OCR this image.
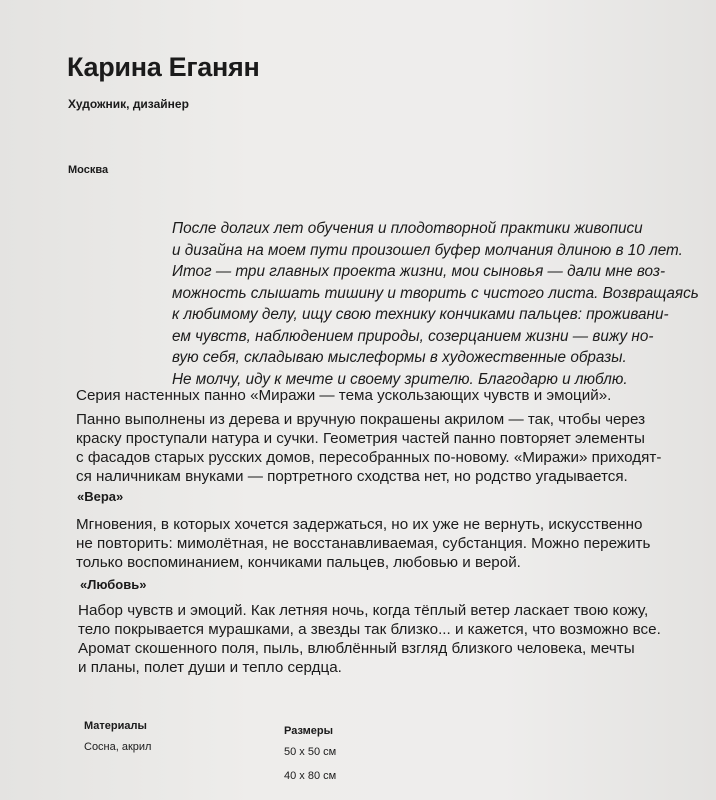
Карина Еганян
Художник, дизайнер
Москва
После долгих лет обучения и плодотворной практики живописи
и дизайна на моем пути произошел буфер молчания длиною в 10 лет.
Итог — три главных проекта жизни, мои сыновья — дали мне воз-
можность слышать тишину и творить с чистого листа. Возвращаясь
к любимому делу, ищу свою технику кончиками пальцев: проживани-
ем чувств, наблюдением природы, созерцанием жизни — вижу но-
вую себя, складываю мыслеформы в художественные образы.
Не молчу, иду к мечте и своему зрителю. Благодарю и люблю.
Серия настенных панно «Миражи — тема ускользающих чувств и эмоций».
Панно выполнены из дерева и вручную покрашены акрилом — так, чтобы через
краску проступали натура и сучки. Геометрия частей панно повторяет элементы
с фасадов старых русских домов, пересобранных по-новому. «Миражи» приходят-
ся наличникам внуками — портретного сходства нет, но родство угадывается.
«Вера»
Мгновения, в которых хочется задержаться, но их уже не вернуть, искусственно
не повторить: мимолётная, не восстанавливаемая, субстанция. Можно пережить
только воспоминанием, кончиками пальцев, любовью и верой.
«Любовь»
Набор чувств и эмоций. Как летняя ночь, когда тёплый ветер ласкает твою кожу,
тело покрывается мурашками, а звезды так близко... и кажется, что возможно все.
Аромат скошенного поля, пыль, влюблённый взгляд близкого человека, мечты
и планы, полет души и тепло сердца.
Материалы
Сосна, акрил
Размеры
50 х 50 см
40 х 80 см
